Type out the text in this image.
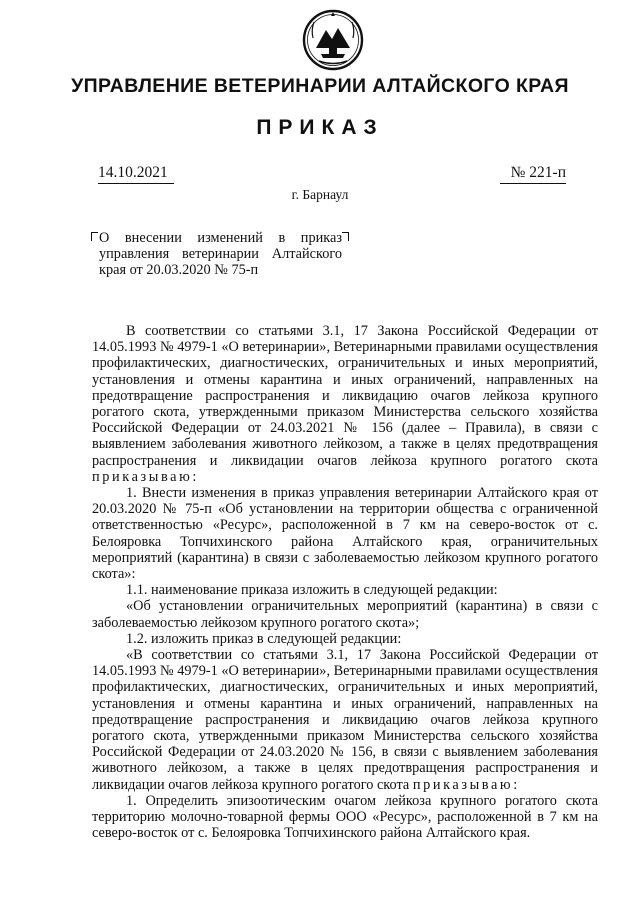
УПРАВЛЕНИЕ ВЕТЕРИНАРИИ АЛТАЙСКОГО КРАЯ
ПРИКАЗ
14.10.2021	№ 221-п
г. Барнаул

О внесении изменений в приказ управления ветеринарии Алтайского края от 20.03.2020 № 75-п

В соответствии со статьями 3.1, 17 Закона Российской Федерации от 14.05.1993 № 4979-1 «О ветеринарии», Ветеринарными правилами осуществления профилактических, диагностических, ограничительных и иных мероприятий, установления и отмены карантина и иных ограничений, направленных на предотвращение распространения и ликвидацию очагов лейкоза крупного рогатого скота, утвержденными приказом Министерства сельского хозяйства Российской Федерации от 24.03.2021 № 156 (далее – Правила), в связи с выявлением заболевания животного лейкозом, а также в целях предотвращения распространения и ликвидации очагов лейкоза крупного рогатого скота приказываю:

1. Внести изменения в приказ управления ветеринарии Алтайского края от 20.03.2020 № 75-п «Об установлении на территории общества с ограниченной ответственностью «Ресурс», расположенной в 7 км на северо-восток от с. Белояровка Топчихинского района Алтайского края, ограничительных мероприятий (карантина) в связи с заболеваемостью лейкозом крупного рогатого скота»:

1.1. наименование приказа изложить в следующей редакции:

«Об установлении ограничительных мероприятий (карантина) в связи с заболеваемостью лейкозом крупного рогатого скота»;

1.2. изложить приказ в следующей редакции:

«В соответствии со статьями 3.1, 17 Закона Российской Федерации от 14.05.1993 № 4979-1 «О ветеринарии», Ветеринарными правилами осуществления профилактических, диагностических, ограничительных и иных мероприятий, установления и отмены карантина и иных ограничений, направленных на предотвращение распространения и ликвидацию очагов лейкоза крупного рогатого скота, утвержденными приказом Министерства сельского хозяйства Российской Федерации от 24.03.2020 № 156, в связи с выявлением заболевания животного лейкозом, а также в целях предотвращения распространения и ликвидации очагов лейкоза крупного рогатого скота приказываю:

1. Определить эпизоотическим очагом лейкоза крупного рогатого скота территорию молочно-товарной фермы ООО «Ресурс», расположенной в 7 км на северо-восток от с. Белояровка Топчихинского района Алтайского края.
